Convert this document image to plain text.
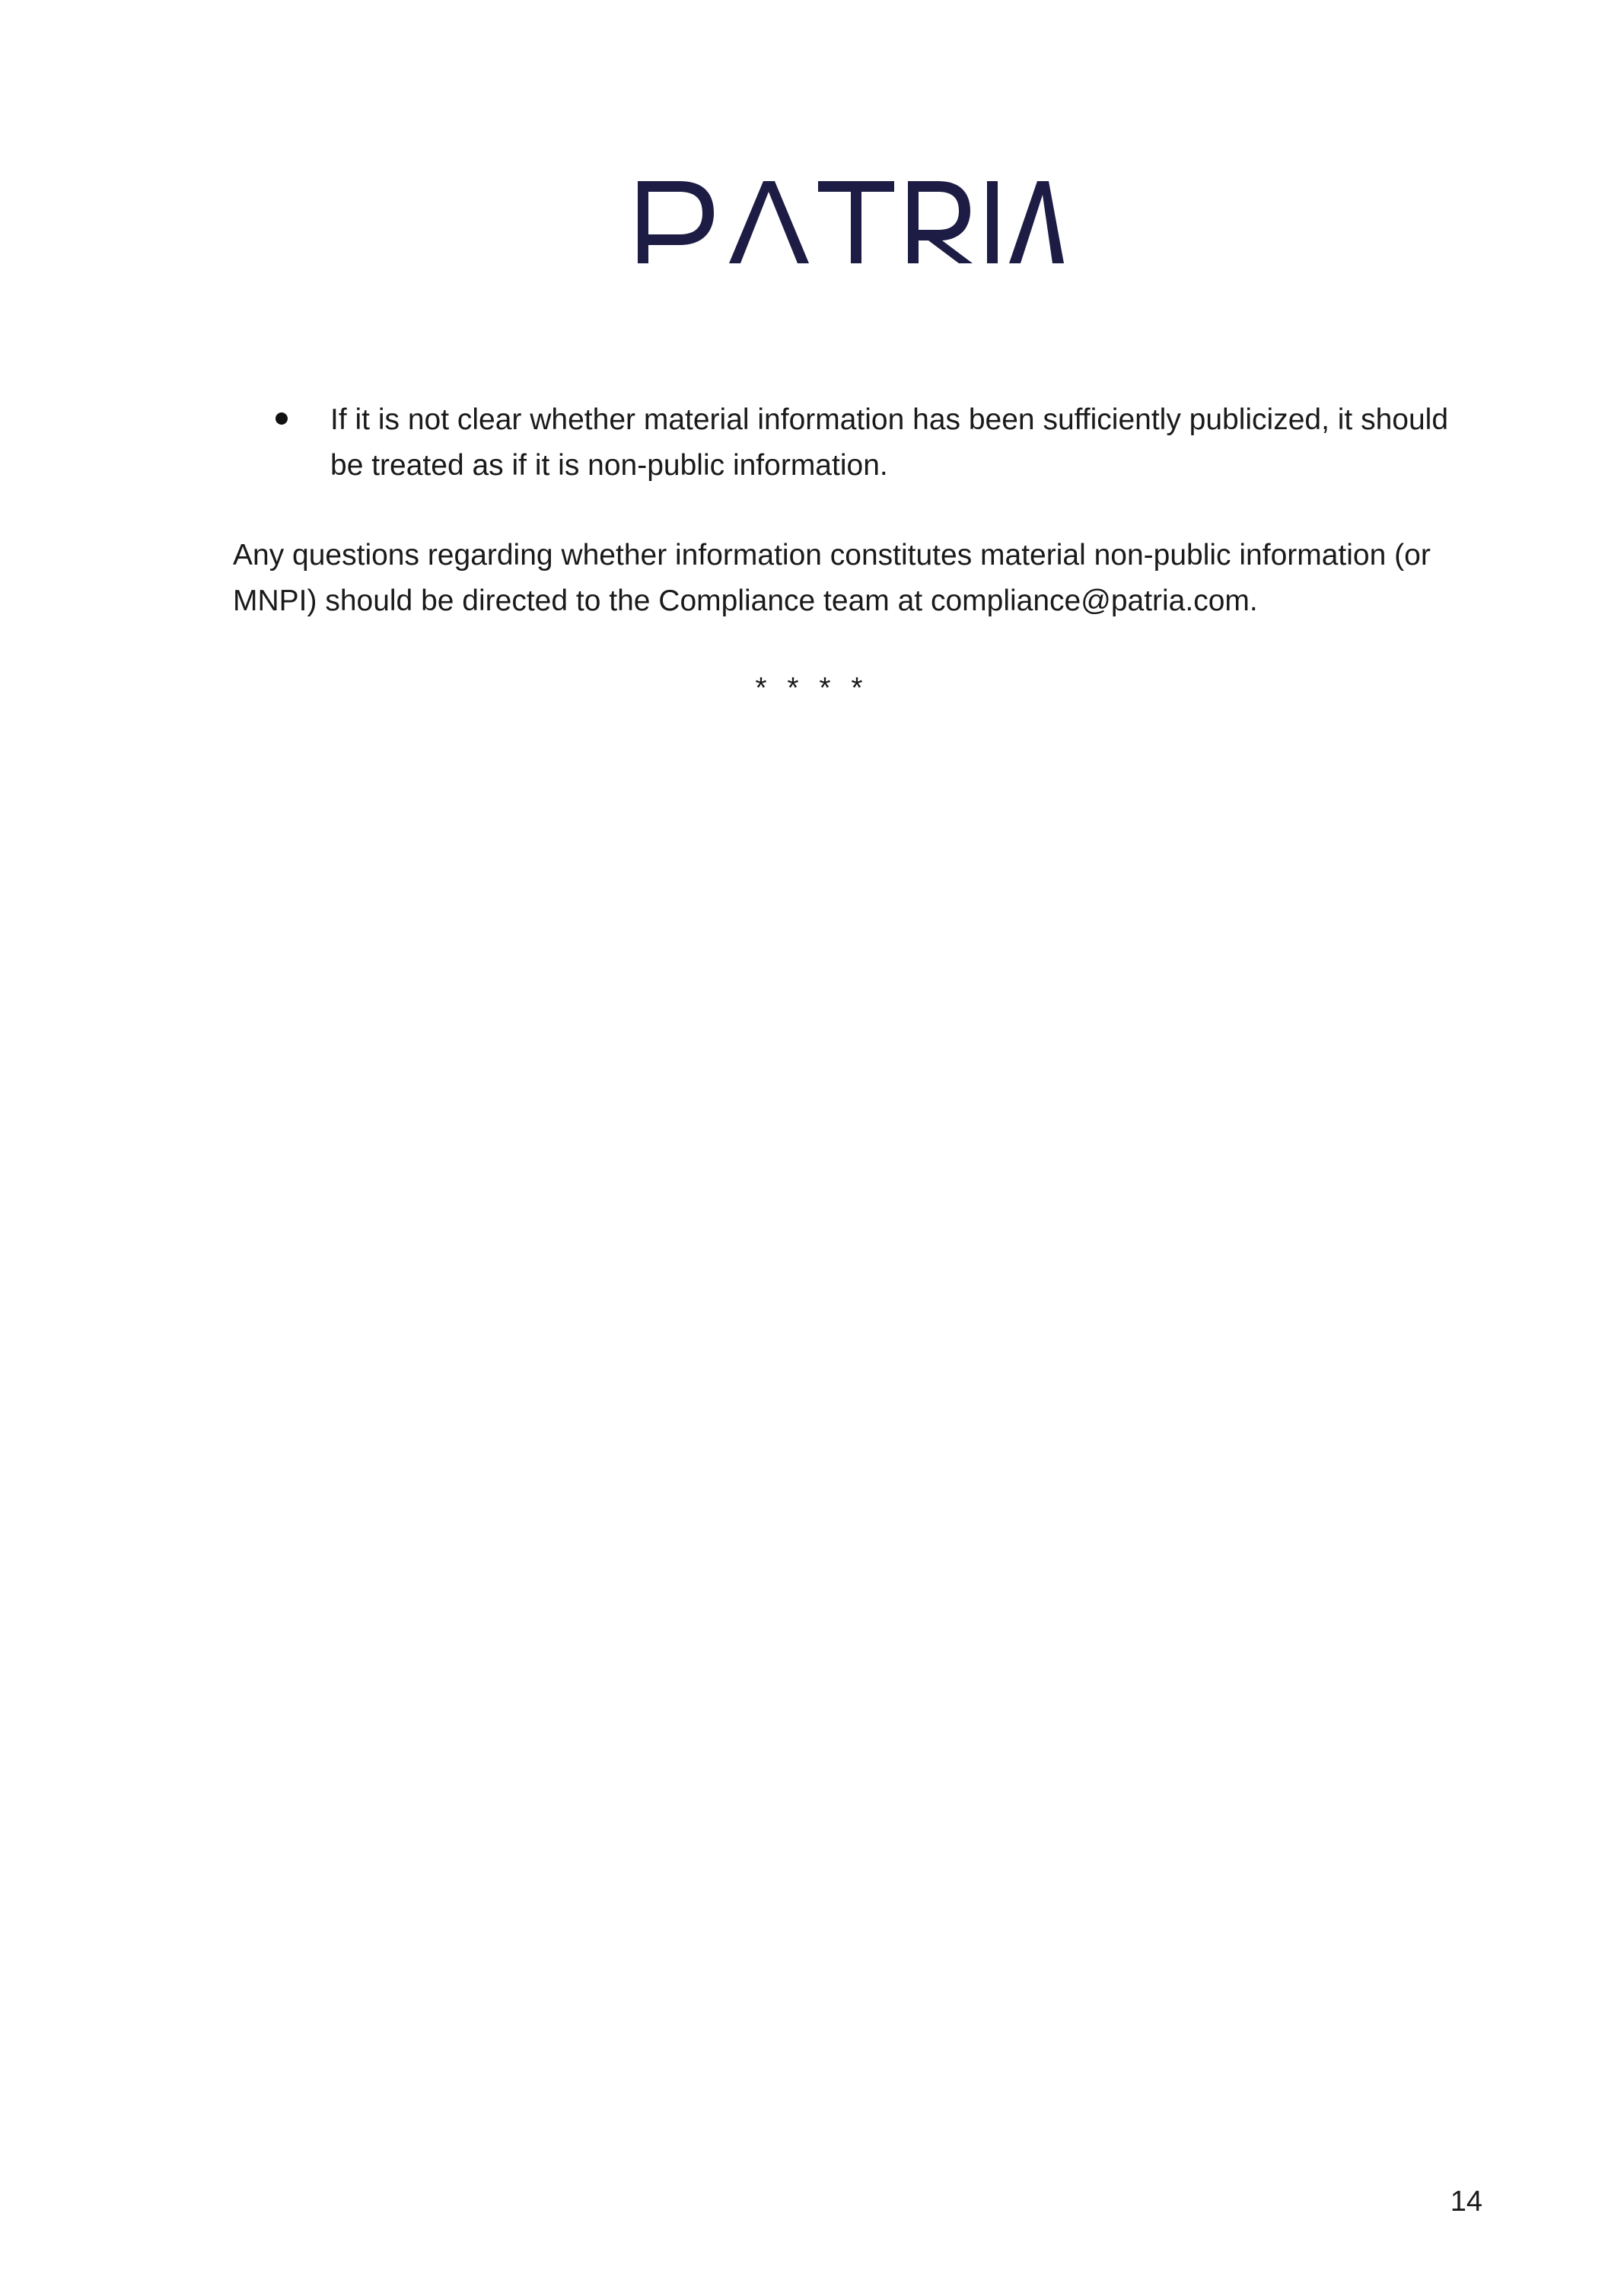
If it is not clear whether material information has been sufficiently publicized, it should be treated as if it is non-public information.
Any questions regarding whether information constitutes material non-public information (or MNPI) should be directed to the Compliance team at compliance@patria.com.
* * * *
14
